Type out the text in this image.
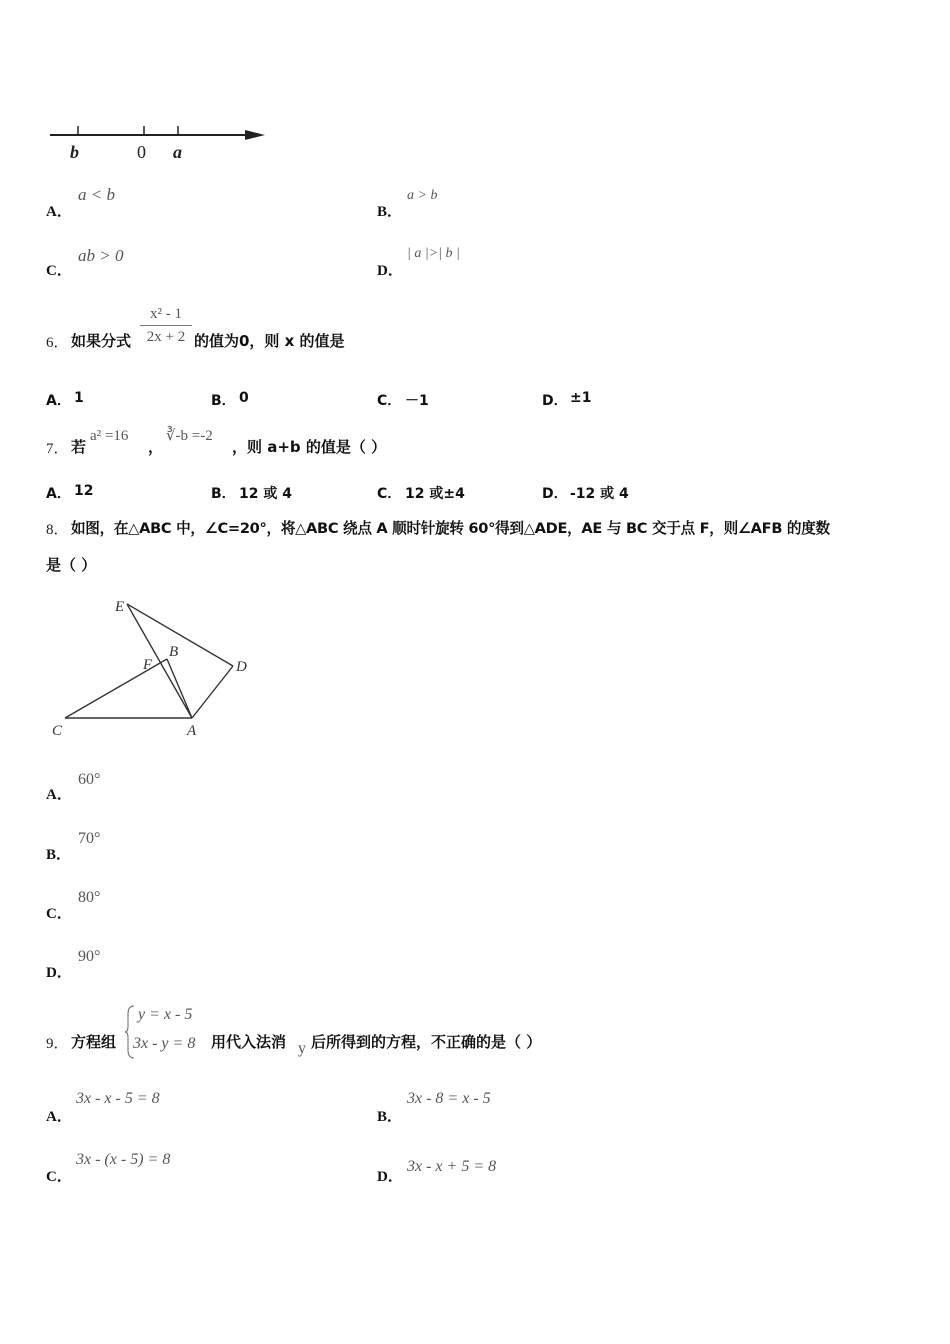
b	0 a
A．
a < b
B．
a > b
C．
ab > 0
D．
| a |>| b |
6． 如果分式
x² - 1
2x + 2 的值为0，则 x 的值是
A． 1	B． 0	C． －1	D． ±1
7． 若
a² =16
，
∛-b =-2
，则 a+b 的值是（ ）
A． 12	B． 12 或 4	C． 12 或±4	D． -12 或 4
8． 如图，在△ABC 中，∠C=20°，将△ABC 绕点 A 顺时针旋转 60°得到△ADE，AE 与 BC 交于点 F，则∠AFB 的度数
是（ ）
E
B
F	D
C	A
A．
60°
B．
70°
C．
80°
D．
90°
9． 方程组
y = x - 5
3x - y = 8 用代入法消 y 后所得到的方程，不正确的是（ ）
A．
3x - x - 5 = 8
B．
3x - 8 = x - 5
C．
3x - (x - 5) = 8
D．
3x - x + 5 = 8
